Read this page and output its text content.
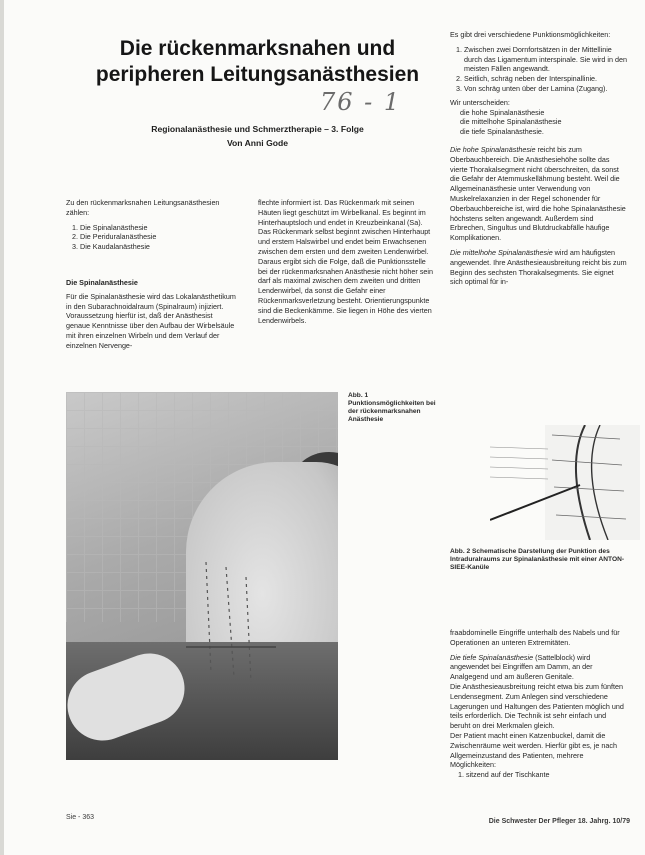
Die rückenmarksnahen und
peripheren Leitungsanästhesien
76 - 1
Regionalanästhesie und Schmerztherapie – 3. Folge
Von Anni Gode

Zu den rückenmarksnahen Leitungsanästhesien zählen:

1. Die Spinalanästhesie
2. Die Periduralanästhesie
3. Die Kaudalanästhesie
Die Spinalanästhesie

Für die Spinalanästhesie wird das Lokalanästhetikum in den Subarachnoidalraum (Spinalraum) injiziert. Voraussetzung hierfür ist, daß der Anästhesist genaue Kenntnisse über den Aufbau der Wirbelsäule mit ihren einzelnen Wirbeln und dem Verlauf der einzelnen Nervenge-

flechte informiert ist. Das Rückenmark mit seinen Häuten liegt geschützt im Wirbelkanal. Es beginnt im Hinterhauptsloch und endet in Kreuzbeinkanal (Sa).

Das Rückenmark selbst beginnt zwischen Hinterhaupt und erstem Halswirbel und endet beim Erwachsenen zwischen dem ersten und dem zweiten Lendenwirbel. Daraus ergibt sich die Folge, daß die Punktionsstelle bei der rückenmarksnahen Anästhesie nicht höher sein darf als maximal zwischen dem zweiten und dritten Lendenwirbel, da sonst die Gefahr einer Rückenmarksverletzung besteht. Orientierungspunkte sind die Beckenkämme. Sie liegen in Höhe des vierten Lendenwirbels.

Es gibt drei verschiedene Punktionsmöglichkeiten:

1. Zwischen zwei Dornfortsätzen in der Mittellinie durch das Ligamentum interspinale. Sie wird in den meisten Fällen angewandt.
2. Seitlich, schräg neben der Interspinallinie.
3. Von schräg unten über der Lamina (Zugang).

Wir unterscheiden:

die hohe Spinalanästhesie
die mittelhohe Spinalanästhesie
die tiefe Spinalanästhesie.

Die hohe Spinalanästhesie reicht bis zum Oberbauchbereich. Die Anästhesiehöhe sollte das vierte Thorakalsegment nicht überschreiten, da sonst die Gefahr der Atemmuskellähmung besteht. Weil die Allgemeinanästhesie unter Verwendung von Muskelrelaxanzien in der Regel schonender für Oberbauchbereiche ist, wird die hohe Spinalanästhesie höchstens selten angewandt. Außerdem sind Erbrechen, Singultus und Blutdruckabfälle häufige Komplikationen.

Die mittelhohe Spinalanästhesie wird am häufigsten angewendet. Ihre Anästhesieausbreitung reicht bis zum Beginn des sechsten Thorakalsegments. Sie eignet sich optimal für in-

Abb. 1 Punktionsmöglichkeiten bei der rückenmarksnahen Anästhesie
Abb. 2 Schematische Darstellung der Punktion des Intraduralraums zur Spinalanästhesie mit einer ANTON-SIEE-Kanüle

fraabdominelle Eingriffe unterhalb des Nabels und für Operationen an unteren Extremitäten.

Die tiefe Spinalanästhesie (Sattelblock) wird angewendet bei Eingriffen am Damm, an der Analgegend und am äußeren Genitale.

Die Anästhesieausbreitung reicht etwa bis zum fünften Lendensegment. Zum Anlegen sind verschiedene Lagerungen und Haltungen des Patienten möglich und teils erforderlich. Die Technik ist sehr einfach und beruht on drei Merkmalen gleich.

Der Patient macht einen Katzenbuckel, damit die Zwischenräume weit werden. Hierfür gibt es, je nach Allgemeinzustand des Patienten, mehrere Möglichkeiten:

1. sitzend auf der Tischkante

Sie - 363
Die Schwester Der Pfleger 18. Jahrg. 10/79
